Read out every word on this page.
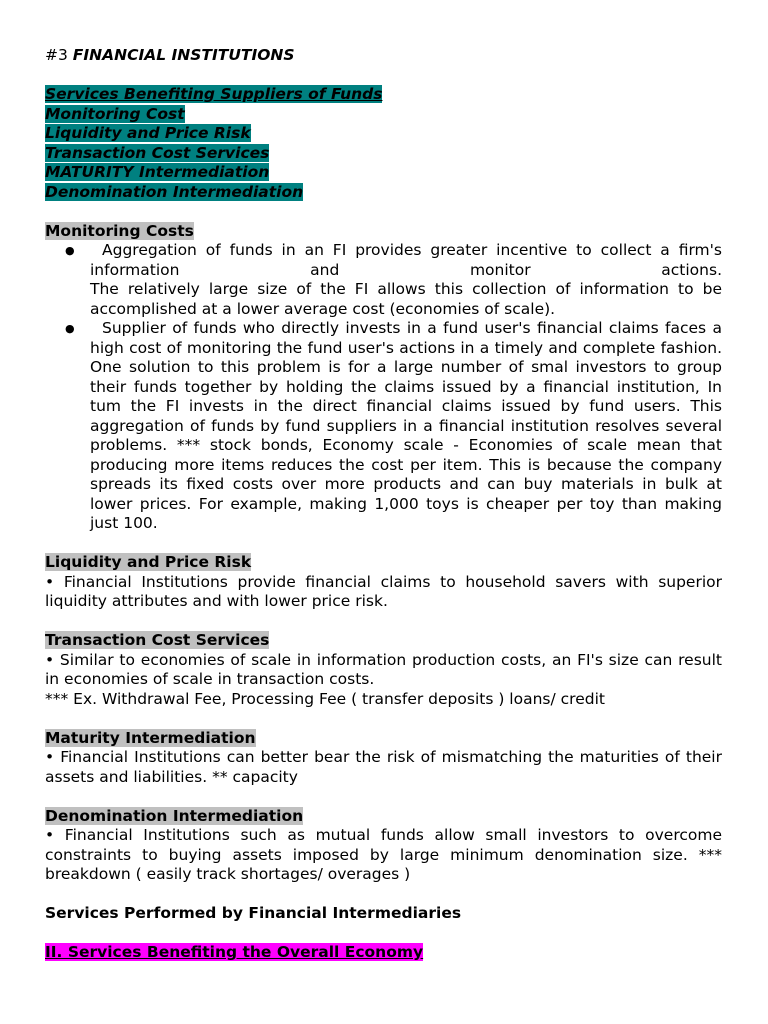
#3 FINANCIAL INSTITUTIONS

Services Benefiting Suppliers of Funds

Monitoring Cost

Liquidity and Price Risk

Transaction Cost Services

MATURITY Intermediation

Denomination Intermediation

Monitoring Costs

●	Aggregation of funds in an FI provides greater incentive to collect a firm's information and monitor actions.
The relatively large size of the FI allows this collection of information to be accomplished at a lower average cost (economies of scale).
● Supplier of funds who directly invests in a fund user's financial claims faces a high cost of monitoring the fund user's actions in a timely and complete fashion. One solution to this problem is for a large number of smal investors to group their funds together by holding the claims issued by a financial institution, In tum the FI invests in the direct financial claims issued by fund users. This aggregation of funds by fund suppliers in a financial institution resolves several problems. *** stock bonds, Economy scale - Economies of scale mean that producing more items reduces the cost per item. This is because the company spreads its fixed costs over more products and can buy materials in bulk at lower prices. For example, making 1,000 toys is cheaper per toy than making just 100.

Liquidity and Price Risk

• Financial Institutions provide financial claims to household savers with superior liquidity attributes and with lower price risk.

Transaction Cost Services

• Similar to economies of scale in information production costs, an FI's size can result in economies of scale in transaction costs.

*** Ex. Withdrawal Fee, Processing Fee ( transfer deposits ) loans/ credit

Maturity Intermediation

• Financial Institutions can better bear the risk of mismatching the maturities of their assets and liabilities. ** capacity

Denomination Intermediation

• Financial Institutions such as mutual funds allow small investors to overcome constraints to buying assets imposed by large minimum denomination size. *** breakdown ( easily track shortages/ overages )

Services Performed by Financial Intermediaries

II. Services Benefiting the Overall Economy
